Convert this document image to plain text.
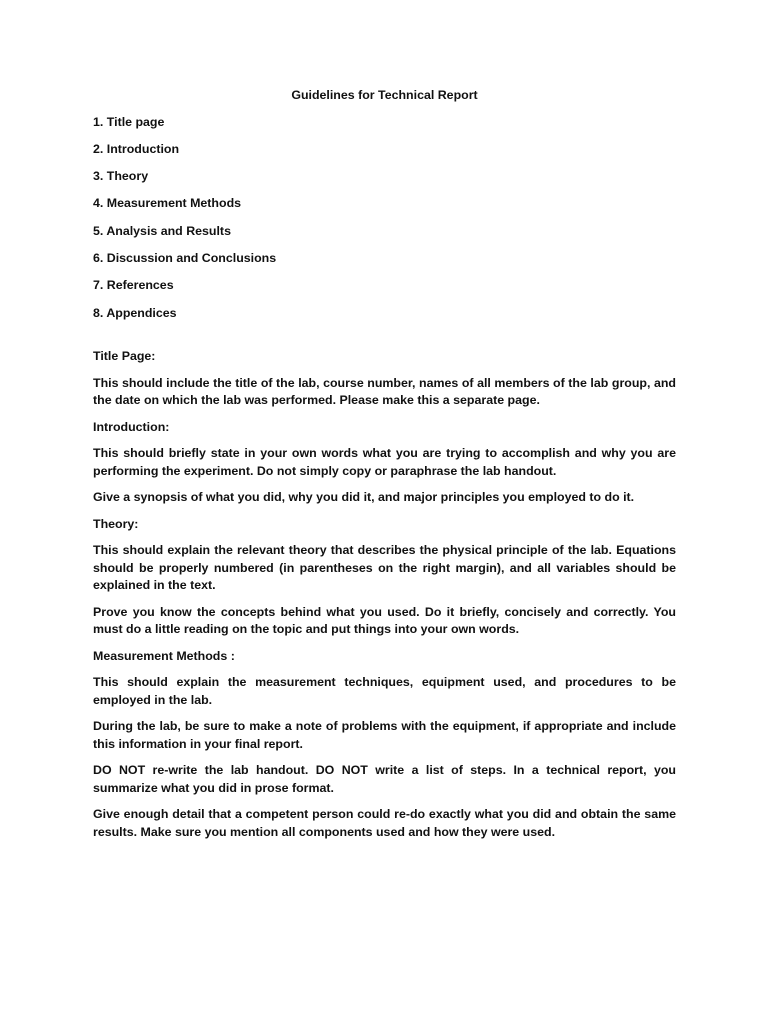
Guidelines for Technical Report
1. Title page
2. Introduction
3. Theory
4. Measurement Methods
5. Analysis and Results
6. Discussion and Conclusions
7. References
8. Appendices
Title Page:

This should include the title of the lab, course number, names of all members of the lab group, and the date on which the lab was performed. Please make this a separate page.

Introduction:

This should briefly state in your own words what you are trying to accomplish and why you are performing the experiment. Do not simply copy or paraphrase the lab handout.

Give a synopsis of what you did, why you did it, and major principles you employed to do it.

Theory:

This should explain the relevant theory that describes the physical principle of the lab. Equations should be properly numbered (in parentheses on the right margin), and all variables should be explained in the text.

Prove you know the concepts behind what you used. Do it briefly, concisely and correctly. You must do a little reading on the topic and put things into your own words.

Measurement Methods :

This should explain the measurement techniques, equipment used, and procedures to be employed in the lab.

During the lab, be sure to make a note of problems with the equipment, if appropriate and include this information in your final report.

DO NOT re-write the lab handout. DO NOT write a list of steps. In a technical report, you summarize what you did in prose format.

Give enough detail that a competent person could re-do exactly what you did and obtain the same results. Make sure you mention all components used and how they were used.
